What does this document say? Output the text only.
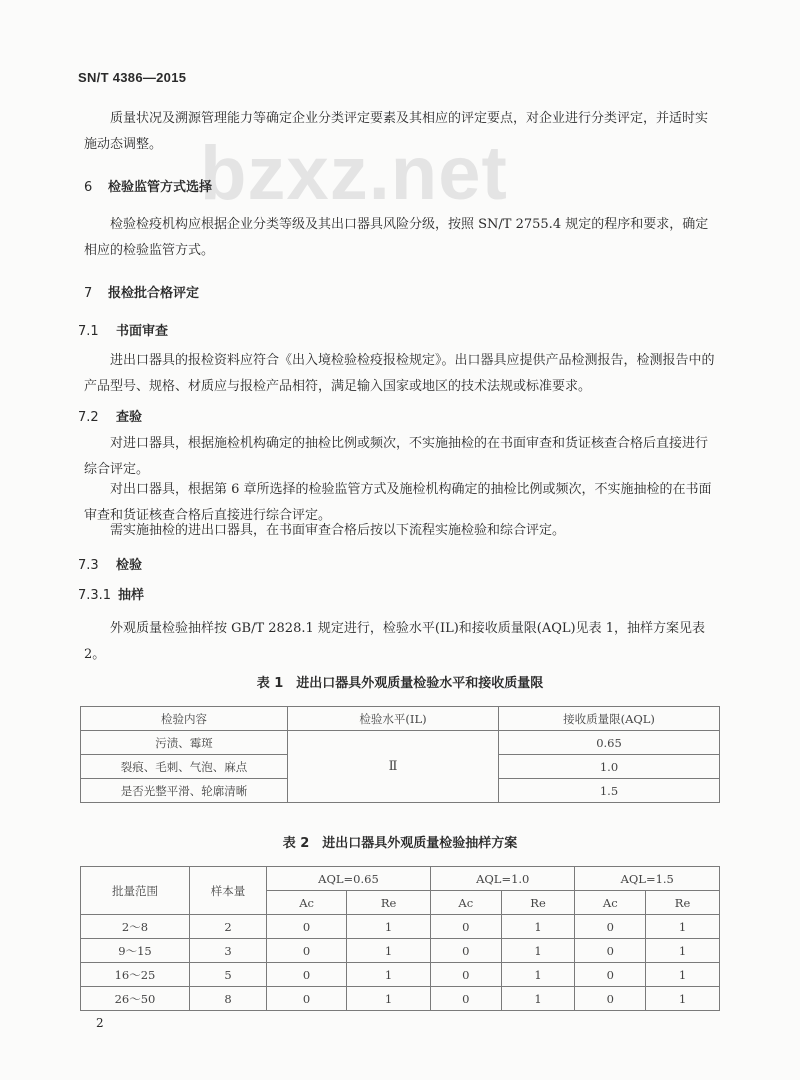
SN/T 4386—2015
bzxz.net
质量状况及溯源管理能力等确定企业分类评定要素及其相应的评定要点，对企业进行分类评定，并适时实施动态调整。
6 检验监管方式选择
检验检疫机构应根据企业分类等级及其出口器具风险分级，按照 SN/T 2755.4 规定的程序和要求，确定相应的检验监管方式。
7 报检批合格评定
7.1 书面审查
进出口器具的报检资料应符合《出入境检验检疫报检规定》。出口器具应提供产品检测报告，检测报告中的产品型号、规格、材质应与报检产品相符，满足输入国家或地区的技术法规或标准要求。
7.2 查验
对进口器具，根据施检机构确定的抽检比例或频次，不实施抽检的在书面审查和货证核查合格后直接进行综合评定。
对出口器具，根据第 6 章所选择的检验监管方式及施检机构确定的抽检比例或频次，不实施抽检的在书面审查和货证核查合格后直接进行综合评定。
需实施抽检的进出口器具，在书面审查合格后按以下流程实施检验和综合评定。
7.3 检验
7.3.1 抽样
外观质量检验抽样按 GB/T 2828.1 规定进行，检验水平(IL)和接收质量限(AQL)见表 1，抽样方案见表 2。
表 1　进出口器具外观质量检验水平和接收质量限
检验内容	检验水平(IL)	接收质量限(AQL)
污渍、霉斑	Ⅱ	0.65
裂痕、毛刺、气泡、麻点		1.0
是否光整平滑、轮廓清晰		1.5
表 2　进出口器具外观质量检验抽样方案
批量范围	样本量	AQL=0.65		AQL=1.0		AQL=1.5	
		Ac	Re	Ac	Re	Ac	Re
2～8	2	0	1	0	1	0	1
9～15	3	0	1	0	1	0	1
16～25	5	0	1	0	1	0	1
26～50	8	0	1	0	1	0	1
2
